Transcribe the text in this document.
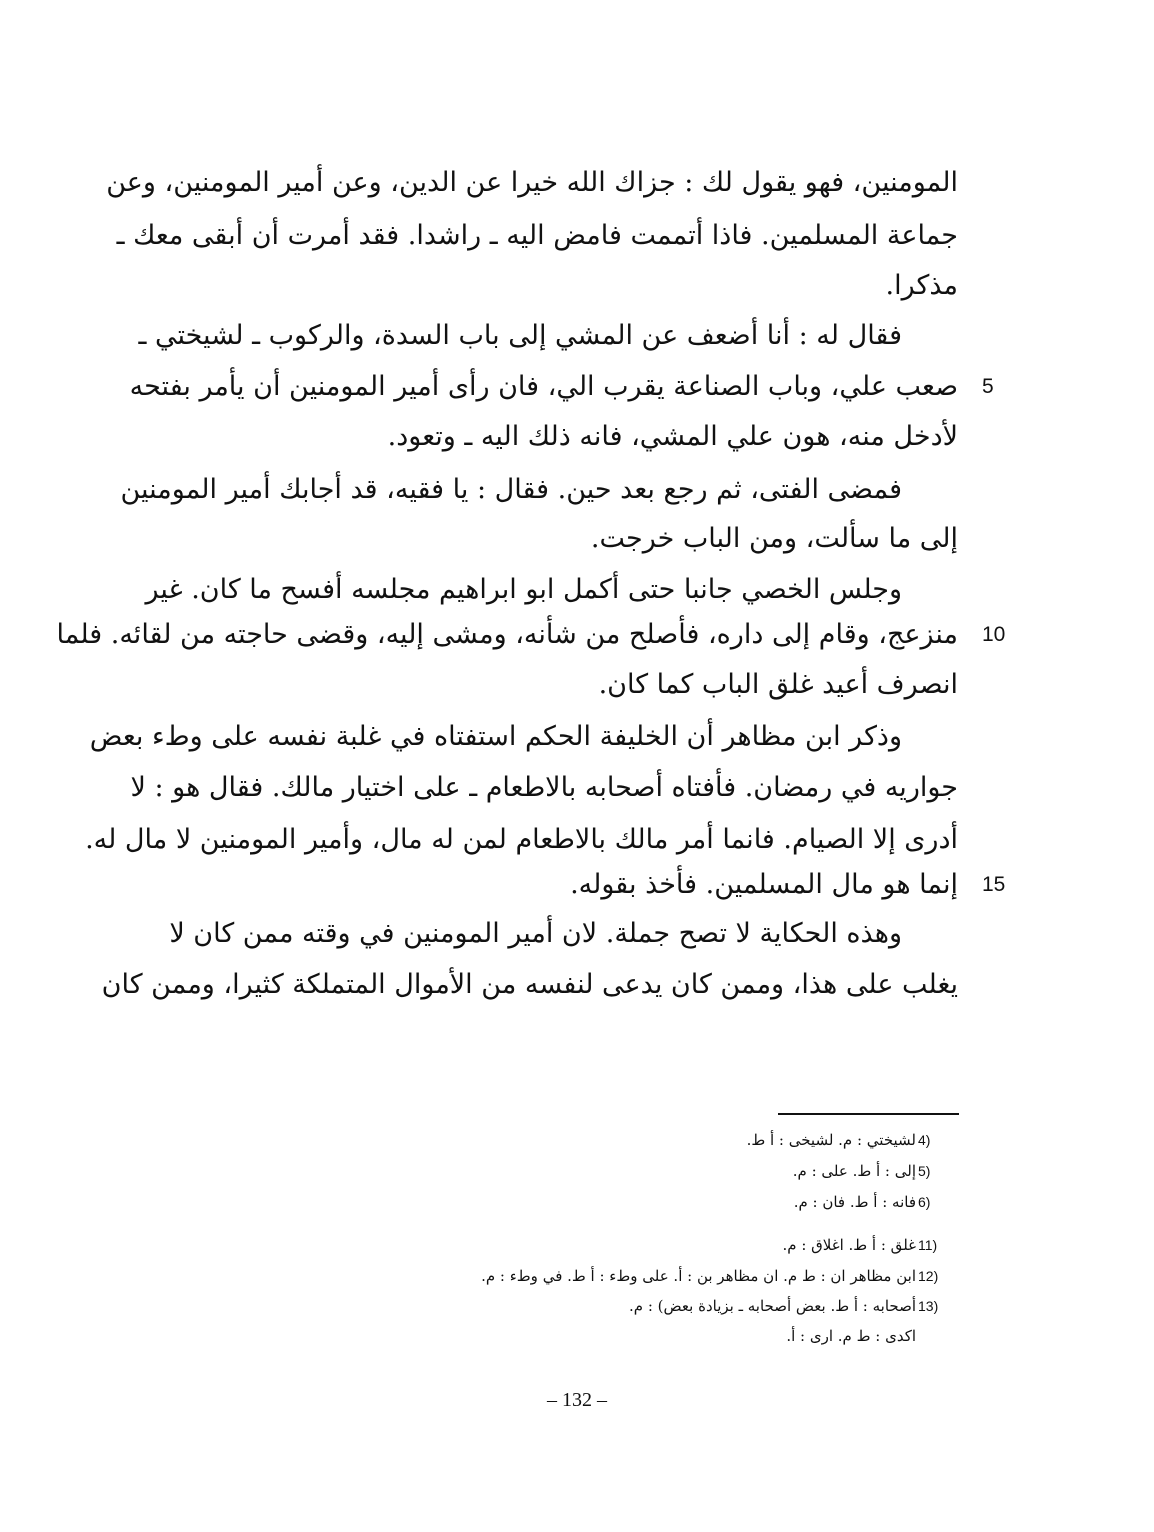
المومنين، فهو يقول لك : جزاك الله خيرا عن الدين، وعن أمير المومنين، وعن
جماعة المسلمين. فاذا أتممت فامض اليه ـ راشدا. فقد أمرت أن أبقى معك ـ
مذكرا.
فقال له : أنا أضعف عن المشي إلى باب السدة، والركوب ـ لشيختي ـ
صعب علي، وباب الصناعة يقرب الي، فان رأى أمير المومنين أن يأمر بفتحه
لأدخل منه، هون علي المشي، فانه ذلك اليه ـ وتعود.
فمضى الفتى، ثم رجع بعد حين. فقال : يا فقيه، قد أجابك أمير المومنين
إلى ما سألت، ومن الباب خرجت.
وجلس الخصي جانبا حتى أكمل ابو ابراهيم مجلسه أفسح ما كان. غير
منزعج، وقام إلى داره، فأصلح من شأنه، ومشى إليه، وقضى حاجته من لقائه. فلما
انصرف أعيد غلق الباب كما كان.
وذكر ابن مظاهر أن الخليفة الحكم استفتاه في غلبة نفسه على وطء بعض
جواريه في رمضان. فأفتاه أصحابه بالاطعام ـ على اختيار مالك. فقال هو : لا
أدرى إلا الصيام. فانما أمر مالك بالاطعام لمن له مال، وأمير المومنين لا مال له.
إنما هو مال المسلمين. فأخذ بقوله.
وهذه الحكاية لا تصح جملة. لان أمير المومنين في وقته ممن كان لا
يغلب على هذا، وممن كان يدعى لنفسه من الأموال المتملكة كثيرا، وممن كان
5
10
15
4)
لشيختي : م. لشيخى : أ ط.
5)
إلى : أ ط. على : م.
6)
فانه : أ ط. فان : م.
11)
غلق : أ ط. اغلاق : م.
12)
ابن مظاهر ان : ط م. ان مظاهر بن : أ. على وطء : أ ط. في وطء : م.
13)
أصحابه : أ ط. بعض أصحابه ـ بزيادة بعض) : م.
اكدى : ط م. ارى : أ.
– 132 –
